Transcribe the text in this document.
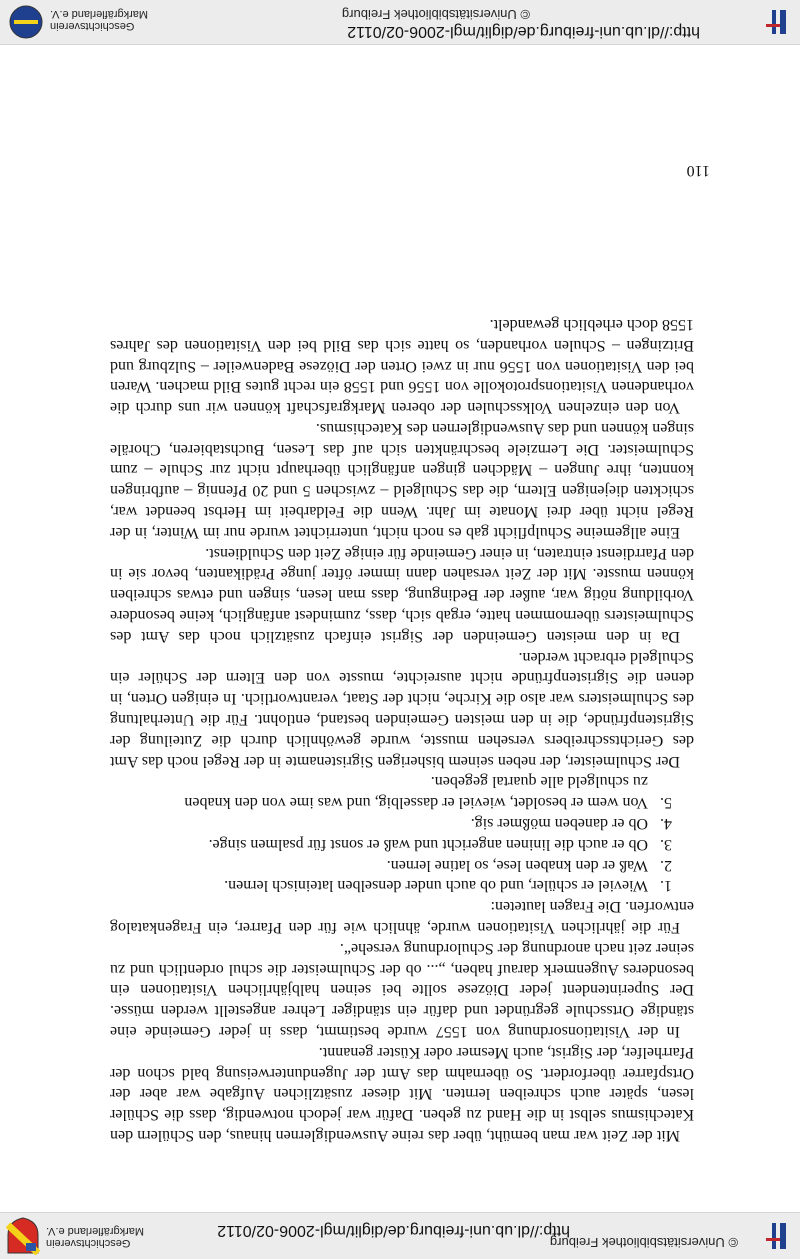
© Universitätsbibliothek Freiburg
http://dl.ub.uni-freiburg.de/diglit/mgl-2006-02/0112
Geschichtsverein
Markgräflerland e.V.

Mit der Zeit war man bemüht, über das reine Auswendiglernen hinaus, den Schülern den Katechismus selbst in die Hand zu geben. Dafür war jedoch notwendig, dass die Schüler lesen, später auch schreiben lernten. Mit dieser zusätzlichen Aufgabe war aber der Ortspfarrer überfordert. So übernahm das Amt der Jugendunterweisung bald schon der Pfarrhelfer, der Sigrist, auch Mesmer oder Küster genannt.

In der Visitationsordnung von 1557 wurde bestimmt, dass in jeder Gemeinde eine ständige Ortsschule gegründet und dafür ein ständiger Lehrer angestellt werden müsse. Der Superintendent jeder Diözese sollte bei seinen halbjährlichen Visitationen ein besonderes Augenmerk darauf haben, „... ob der Schulmeister die schul ordentlich und zu seiner zeit nach anordnung der Schulordnung versehe“.

Für die jährlichen Visitationen wurde, ähnlich wie für den Pfarrer, ein Fragenkatalog entworfen. Die Fragen lauteten:

1. Wieviel er schüler, und ob auch under denselben lateinisch lernen.
2. Waß er den knaben lese, so latine lernen.
3. Ob er auch die lininen angericht und waß er sonst für psalmen singe.
4. Ob er daneben mößmer sig.
5. Von wem er besoldet, wieviel er dasselbig, und was ime von den knaben

zu schulgeld alle quartal gegeben.

Der Schulmeister, der neben seinem bisherigen Sigristenamte in der Regel noch das Amt des Gerichtsschreibers versehen musste, wurde gewöhnlich durch die Zuteilung der Sigristenpfründe, die in den meisten Gemeinden bestand, entlohnt. Für die Unterhaltung des Schulmeisters war also die Kirche, nicht der Staat, verantwortlich. In einigen Orten, in denen die Sigristenpfründe nicht ausreichte, musste von den Eltern der Schüler ein Schulgeld erbracht werden.

Da in den meisten Gemeinden der Sigrist einfach zusätzlich noch das Amt des Schulmeisters übernommen hatte, ergab sich, dass, zumindest anfänglich, keine besondere Vorbildung nötig war, außer der Bedingung, dass man lesen, singen und etwas schreiben können musste. Mit der Zeit versahen dann immer öfter junge Prädikanten, bevor sie in den Pfarrdienst eintraten, in einer Gemeinde für einige Zeit den Schuldienst.

Eine allgemeine Schulpflicht gab es noch nicht, unterrichtet wurde nur im Winter, in der Regel nicht über drei Monate im Jahr. Wenn die Feldarbeit im Herbst beendet war, schickten diejenigen Eltern, die das Schulgeld – zwischen 5 und 20 Pfennig – aufbringen konnten, ihre Jungen – Mädchen gingen anfänglich überhaupt nicht zur Schule – zum Schulmeister. Die Lernziele beschränkten sich auf das Lesen, Buchstabieren, Choräle singen können und das Auswendiglernen des Katechismus.

Von den einzelnen Volksschulen der oberen Markgrafschaft können wir uns durch die vorhandenen Visitationsprotokolle von 1556 und 1558 ein recht gutes Bild machen. Waren bei den Visitationen von 1556 nur in zwei Orten der Diözese Badenweiler – Sulzburg und Britzingen – Schulen vorhanden, so hatte sich das Bild bei den Visitationen des Jahres 1558 doch erheblich gewandelt.

110
http://dl.ub.uni-freiburg.de/diglit/mgl-2006-02/0112
© Universitätsbibliothek Freiburg
Geschichtsverein
Markgräflerland e.V.
